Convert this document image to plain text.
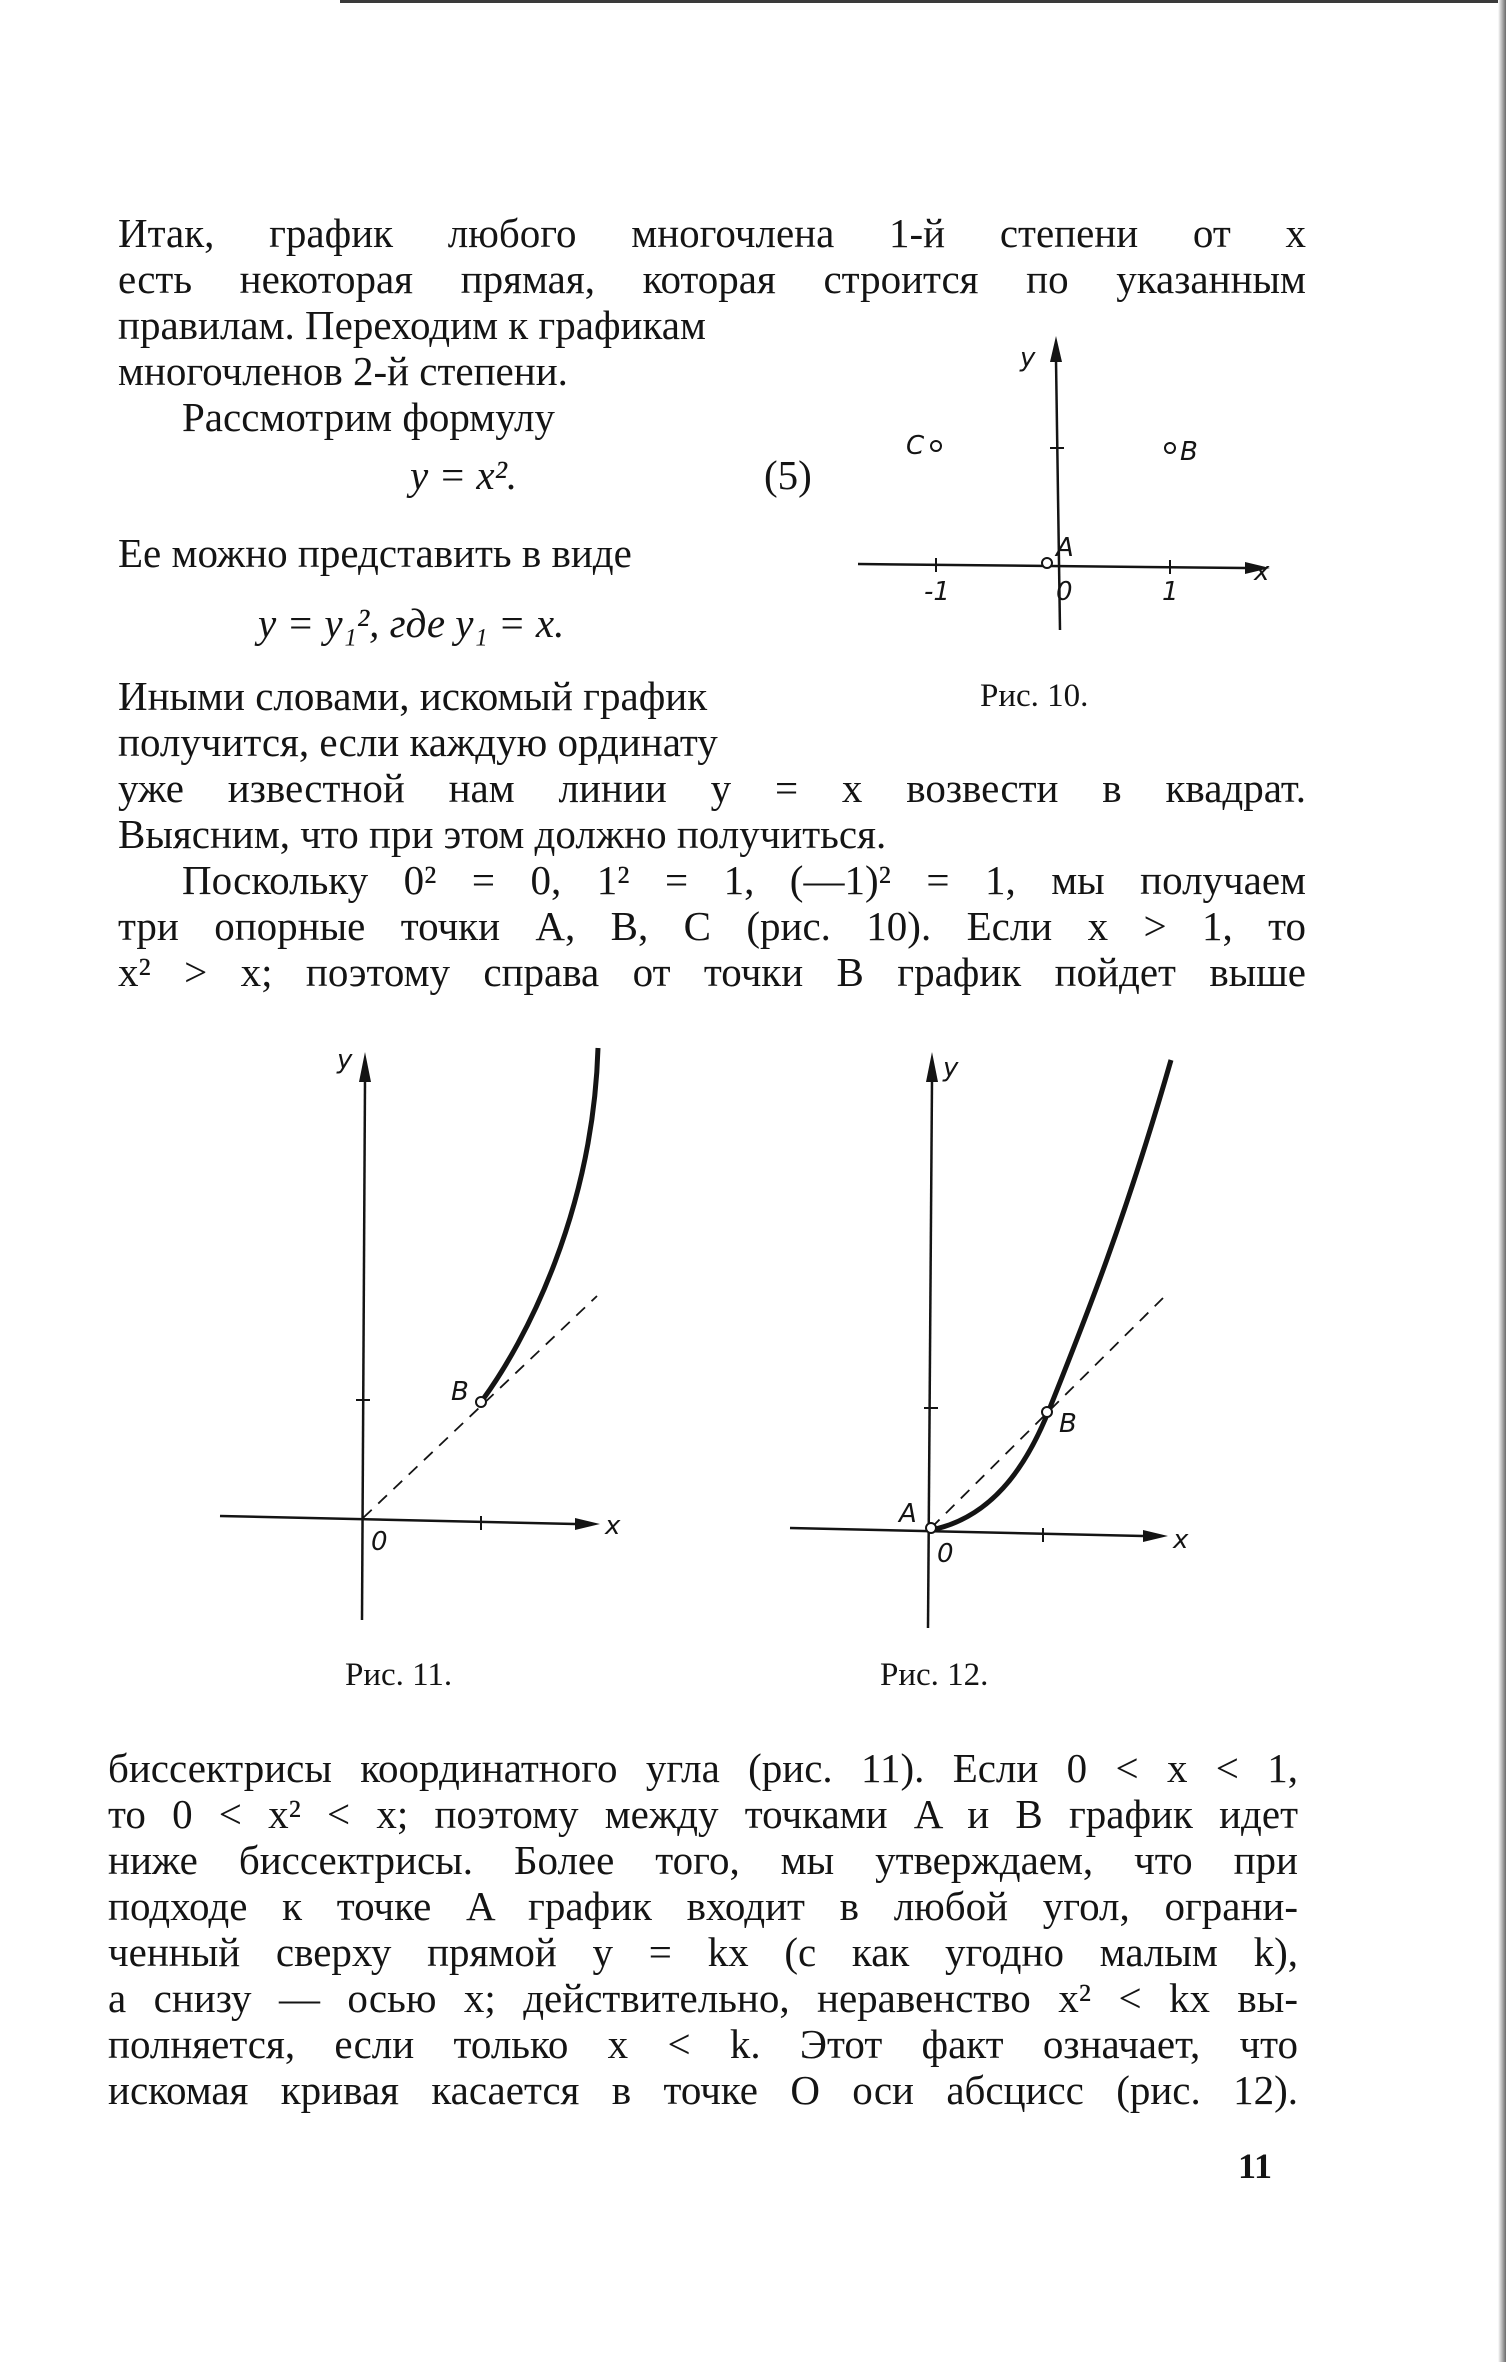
Итак, график любого многочлена 1-й степени от x
есть некоторая прямая, которая строится по указанным
правилам. Переходим к графикам
многочленов 2-й степени.
Рассмотрим формулу
y = x².	(5)
Ее можно представить в виде
y = y₁², где y₁ = x.
y
C	B
A
-1	0	1
x
Рис. 10.
Иными словами, искомый график
получится, если каждую ординату
уже известной нам линии y = x возвести в квадрат.
Выясним, что при этом должно получиться.
Поскольку 0² = 0, 1² = 1, (—1)² = 1, мы получаем
три опорные точки A, B, C (рис. 10). Если x > 1, то
x² > x; поэтому справа от точки B график пойдет выше
y
B
0
x
Рис. 11.
y
A
B
0	x
Рис. 12.
биссектрисы координатного угла (рис. 11). Если 0 < x < 1,
то 0 < x² < x; поэтому между точками A и B график идет
ниже биссектрисы. Более того, мы утверждаем, что при
подходе к точке A график входит в любой угол, ограни-
ченный сверху прямой y = kx (с как угодно малым k),
а снизу — осью x; действительно, неравенство x² < kx вы-
полняется, если только x < k. Этот факт означает, что
искомая кривая касается в точке O оси абсцисс (рис. 12).
11
